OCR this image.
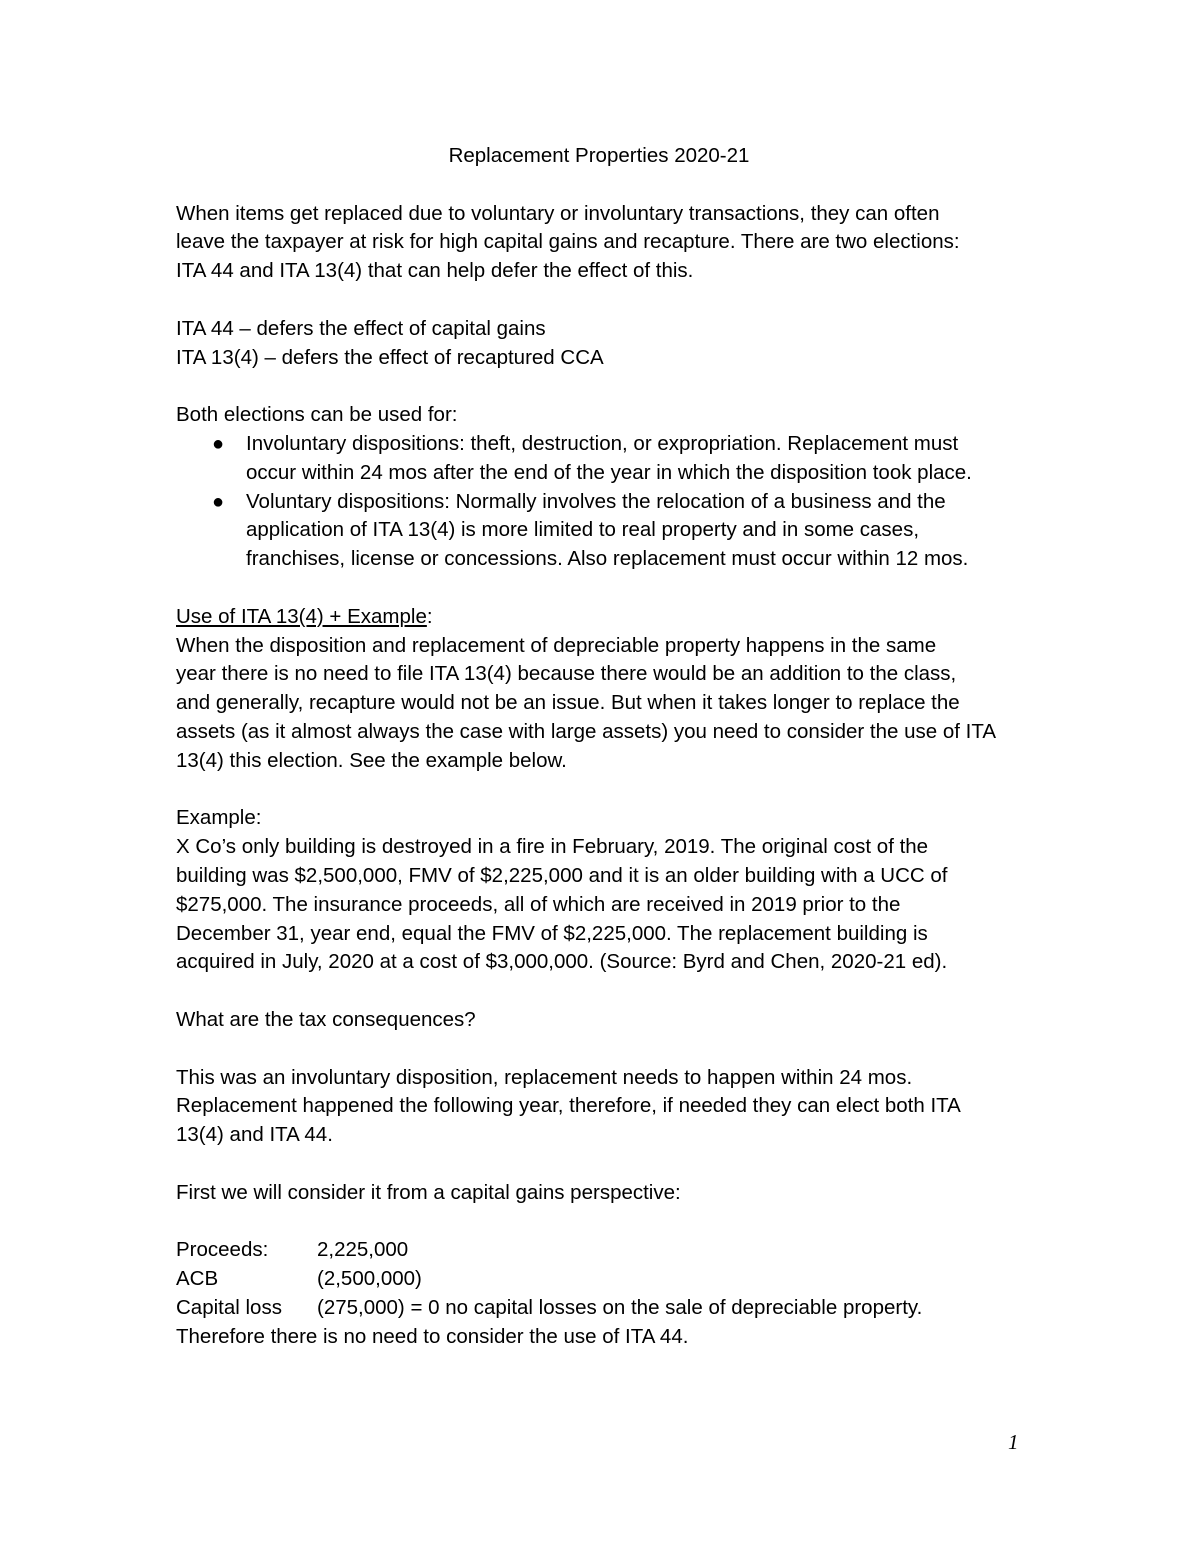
Replacement Properties 2020-21

When items get replaced due to voluntary or involuntary transactions, they can often

leave the taxpayer at risk for high capital gains and recapture. There are two elections:

ITA 44 and ITA 13(4) that can help defer the effect of this.

ITA 44 – defers the effect of capital gains

ITA 13(4) – defers the effect of recaptured CCA

Both elections can be used for:

● Involuntary dispositions: theft, destruction, or expropriation. Replacement must

occur within 24 mos after the end of the year in which the disposition took place.

● Voluntary dispositions: Normally involves the relocation of a business and the

application of ITA 13(4) is more limited to real property and in some cases,

franchises, license or concessions. Also replacement must occur within 12 mos.

Use of ITA 13(4) + Example:

When the disposition and replacement of depreciable property happens in the same

year there is no need to file ITA 13(4) because there would be an addition to the class,

and generally, recapture would not be an issue. But when it takes longer to replace the

assets (as it almost always the case with large assets) you need to consider the use of ITA

13(4) this election. See the example below.

Example:

X Co’s only building is destroyed in a fire in February, 2019. The original cost of the

building was $2,500,000, FMV of $2,225,000 and it is an older building with a UCC of

$275,000. The insurance proceeds, all of which are received in 2019 prior to the

December 31, year end, equal the FMV of $2,225,000. The replacement building is

acquired in July, 2020 at a cost of $3,000,000. (Source: Byrd and Chen, 2020-21 ed).

What are the tax consequences?

This was an involuntary disposition, replacement needs to happen within 24 mos.

Replacement happened the following year, therefore, if needed they can elect both ITA

13(4) and ITA 44.

First we will consider it from a capital gains perspective:

Proceeds:	2,225,000
ACB	(2,500,000)
Capital loss	(275,000) = 0 no capital losses on the sale of depreciable property.

Therefore there is no need to consider the use of ITA 44.

1
